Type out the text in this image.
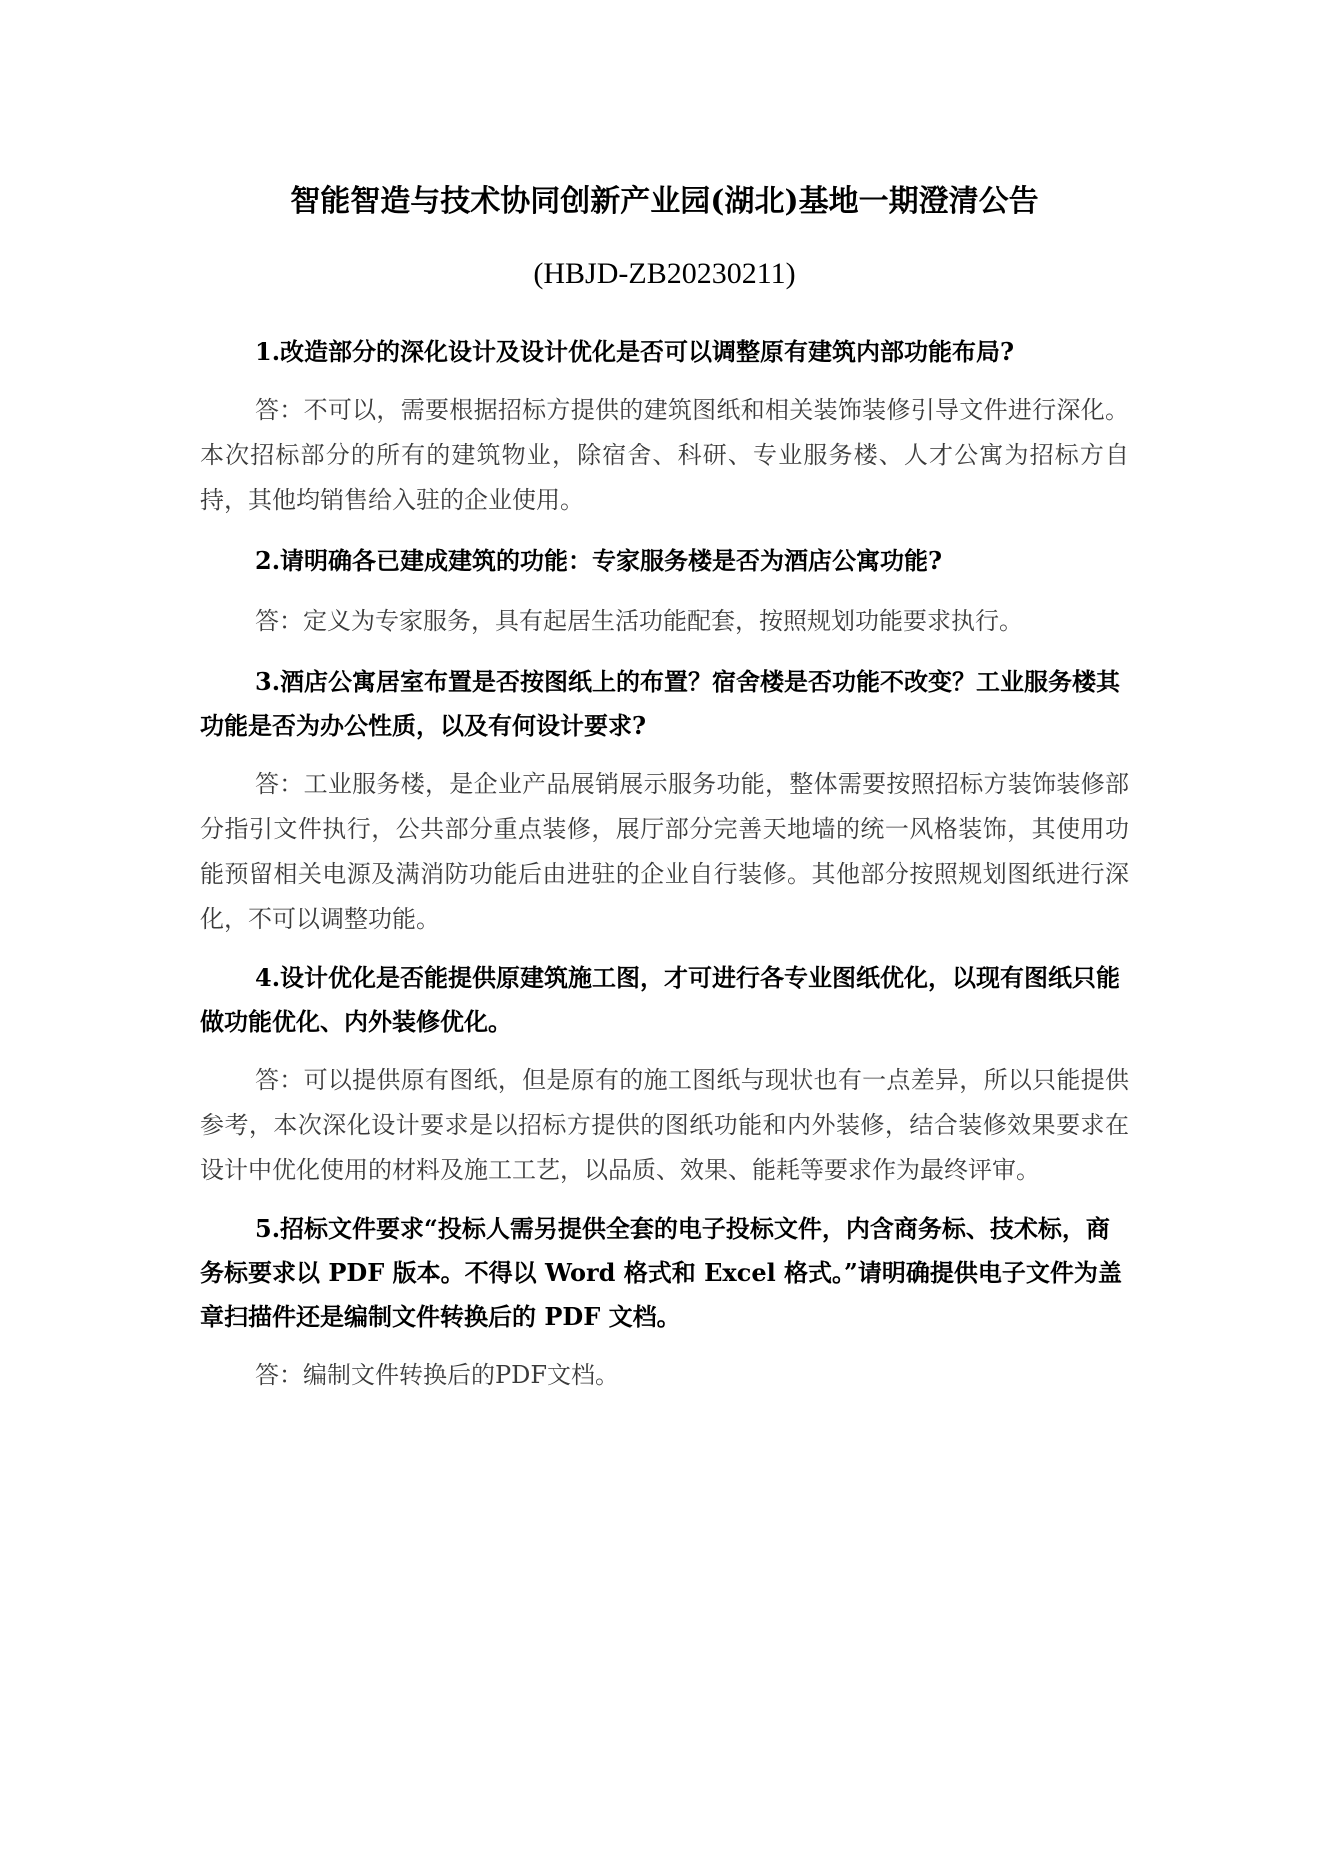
智能智造与技术协同创新产业园(湖北)基地一期澄清公告
(HBJD-ZB20230211)

1.改造部分的深化设计及设计优化是否可以调整原有建筑内部功能布局?

答：不可以，需要根据招标方提供的建筑图纸和相关装饰装修引导文件进行深化。本次招标部分的所有的建筑物业，除宿舍、科研、专业服务楼、人才公寓为招标方自持，其他均销售给入驻的企业使用。

2.请明确各已建成建筑的功能：专家服务楼是否为酒店公寓功能?

答：定义为专家服务，具有起居生活功能配套，按照规划功能要求执行。

3.酒店公寓居室布置是否按图纸上的布置？宿舍楼是否功能不改变？工业服务楼其功能是否为办公性质，以及有何设计要求?

答：工业服务楼，是企业产品展销展示服务功能，整体需要按照招标方装饰装修部分指引文件执行，公共部分重点装修，展厅部分完善天地墙的统一风格装饰，其使用功能预留相关电源及满消防功能后由进驻的企业自行装修。其他部分按照规划图纸进行深化，不可以调整功能。

4.设计优化是否能提供原建筑施工图，才可进行各专业图纸优化，以现有图纸只能做功能优化、内外装修优化。

答：可以提供原有图纸，但是原有的施工图纸与现状也有一点差异，所以只能提供参考，本次深化设计要求是以招标方提供的图纸功能和内外装修，结合装修效果要求在设计中优化使用的材料及施工工艺，以品质、效果、能耗等要求作为最终评审。

5.招标文件要求“投标人需另提供全套的电子投标文件，内含商务标、技术标，商务标要求以 PDF 版本。不得以 Word 格式和 Excel 格式。”请明确提供电子文件为盖章扫描件还是编制文件转换后的 PDF 文档。

答：编制文件转换后的PDF文档。
